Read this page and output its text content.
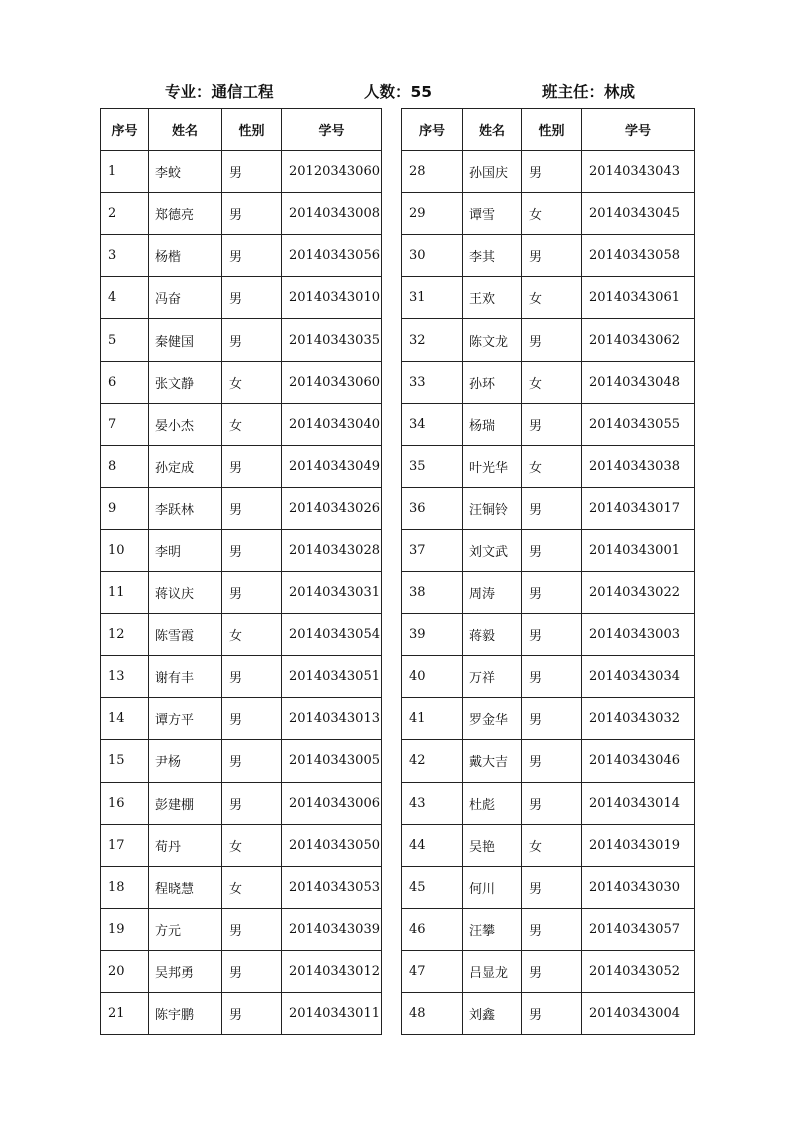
专业：通信工程	人数：55	班主任：林成
序号	姓名	性别	学号
1	李蛟	男	20120343060
2	郑德亮	男	20140343008
3	杨楷	男	20140343056
4	冯奋	男	20140343010
5	秦健国	男	20140343035
6	张文静	女	20140343060
7	晏小杰	女	20140343040
8	孙定成	男	20140343049
9	李跃林	男	20140343026
10	李明	男	20140343028
11	蒋议庆	男	20140343031
12	陈雪霞	女	20140343054
13	谢有丰	男	20140343051
14	谭方平	男	20140343013
15	尹杨	男	20140343005
16	彭建棚	男	20140343006
17	荀丹	女	20140343050
18	程晓慧	女	20140343053
19	方元	男	20140343039
20	吴邦勇	男	20140343012
21	陈宇鹏	男	20140343011
序号	姓名	性别	学号
28	孙国庆	男	20140343043
29	谭雪	女	20140343045
30	李其	男	20140343058
31	王欢	女	20140343061
32	陈文龙	男	20140343062
33	孙环	女	20140343048
34	杨瑞	男	20140343055
35	叶光华	女	20140343038
36	汪铜铃	男	20140343017
37	刘文武	男	20140343001
38	周涛	男	20140343022
39	蒋毅	男	20140343003
40	万祥	男	20140343034
41	罗金华	男	20140343032
42	戴大吉	男	20140343046
43	杜彪	男	20140343014
44	吴艳	女	20140343019
45	何川	男	20140343030
46	汪攀	男	20140343057
47	吕显龙	男	20140343052
48	刘鑫	男	20140343004
